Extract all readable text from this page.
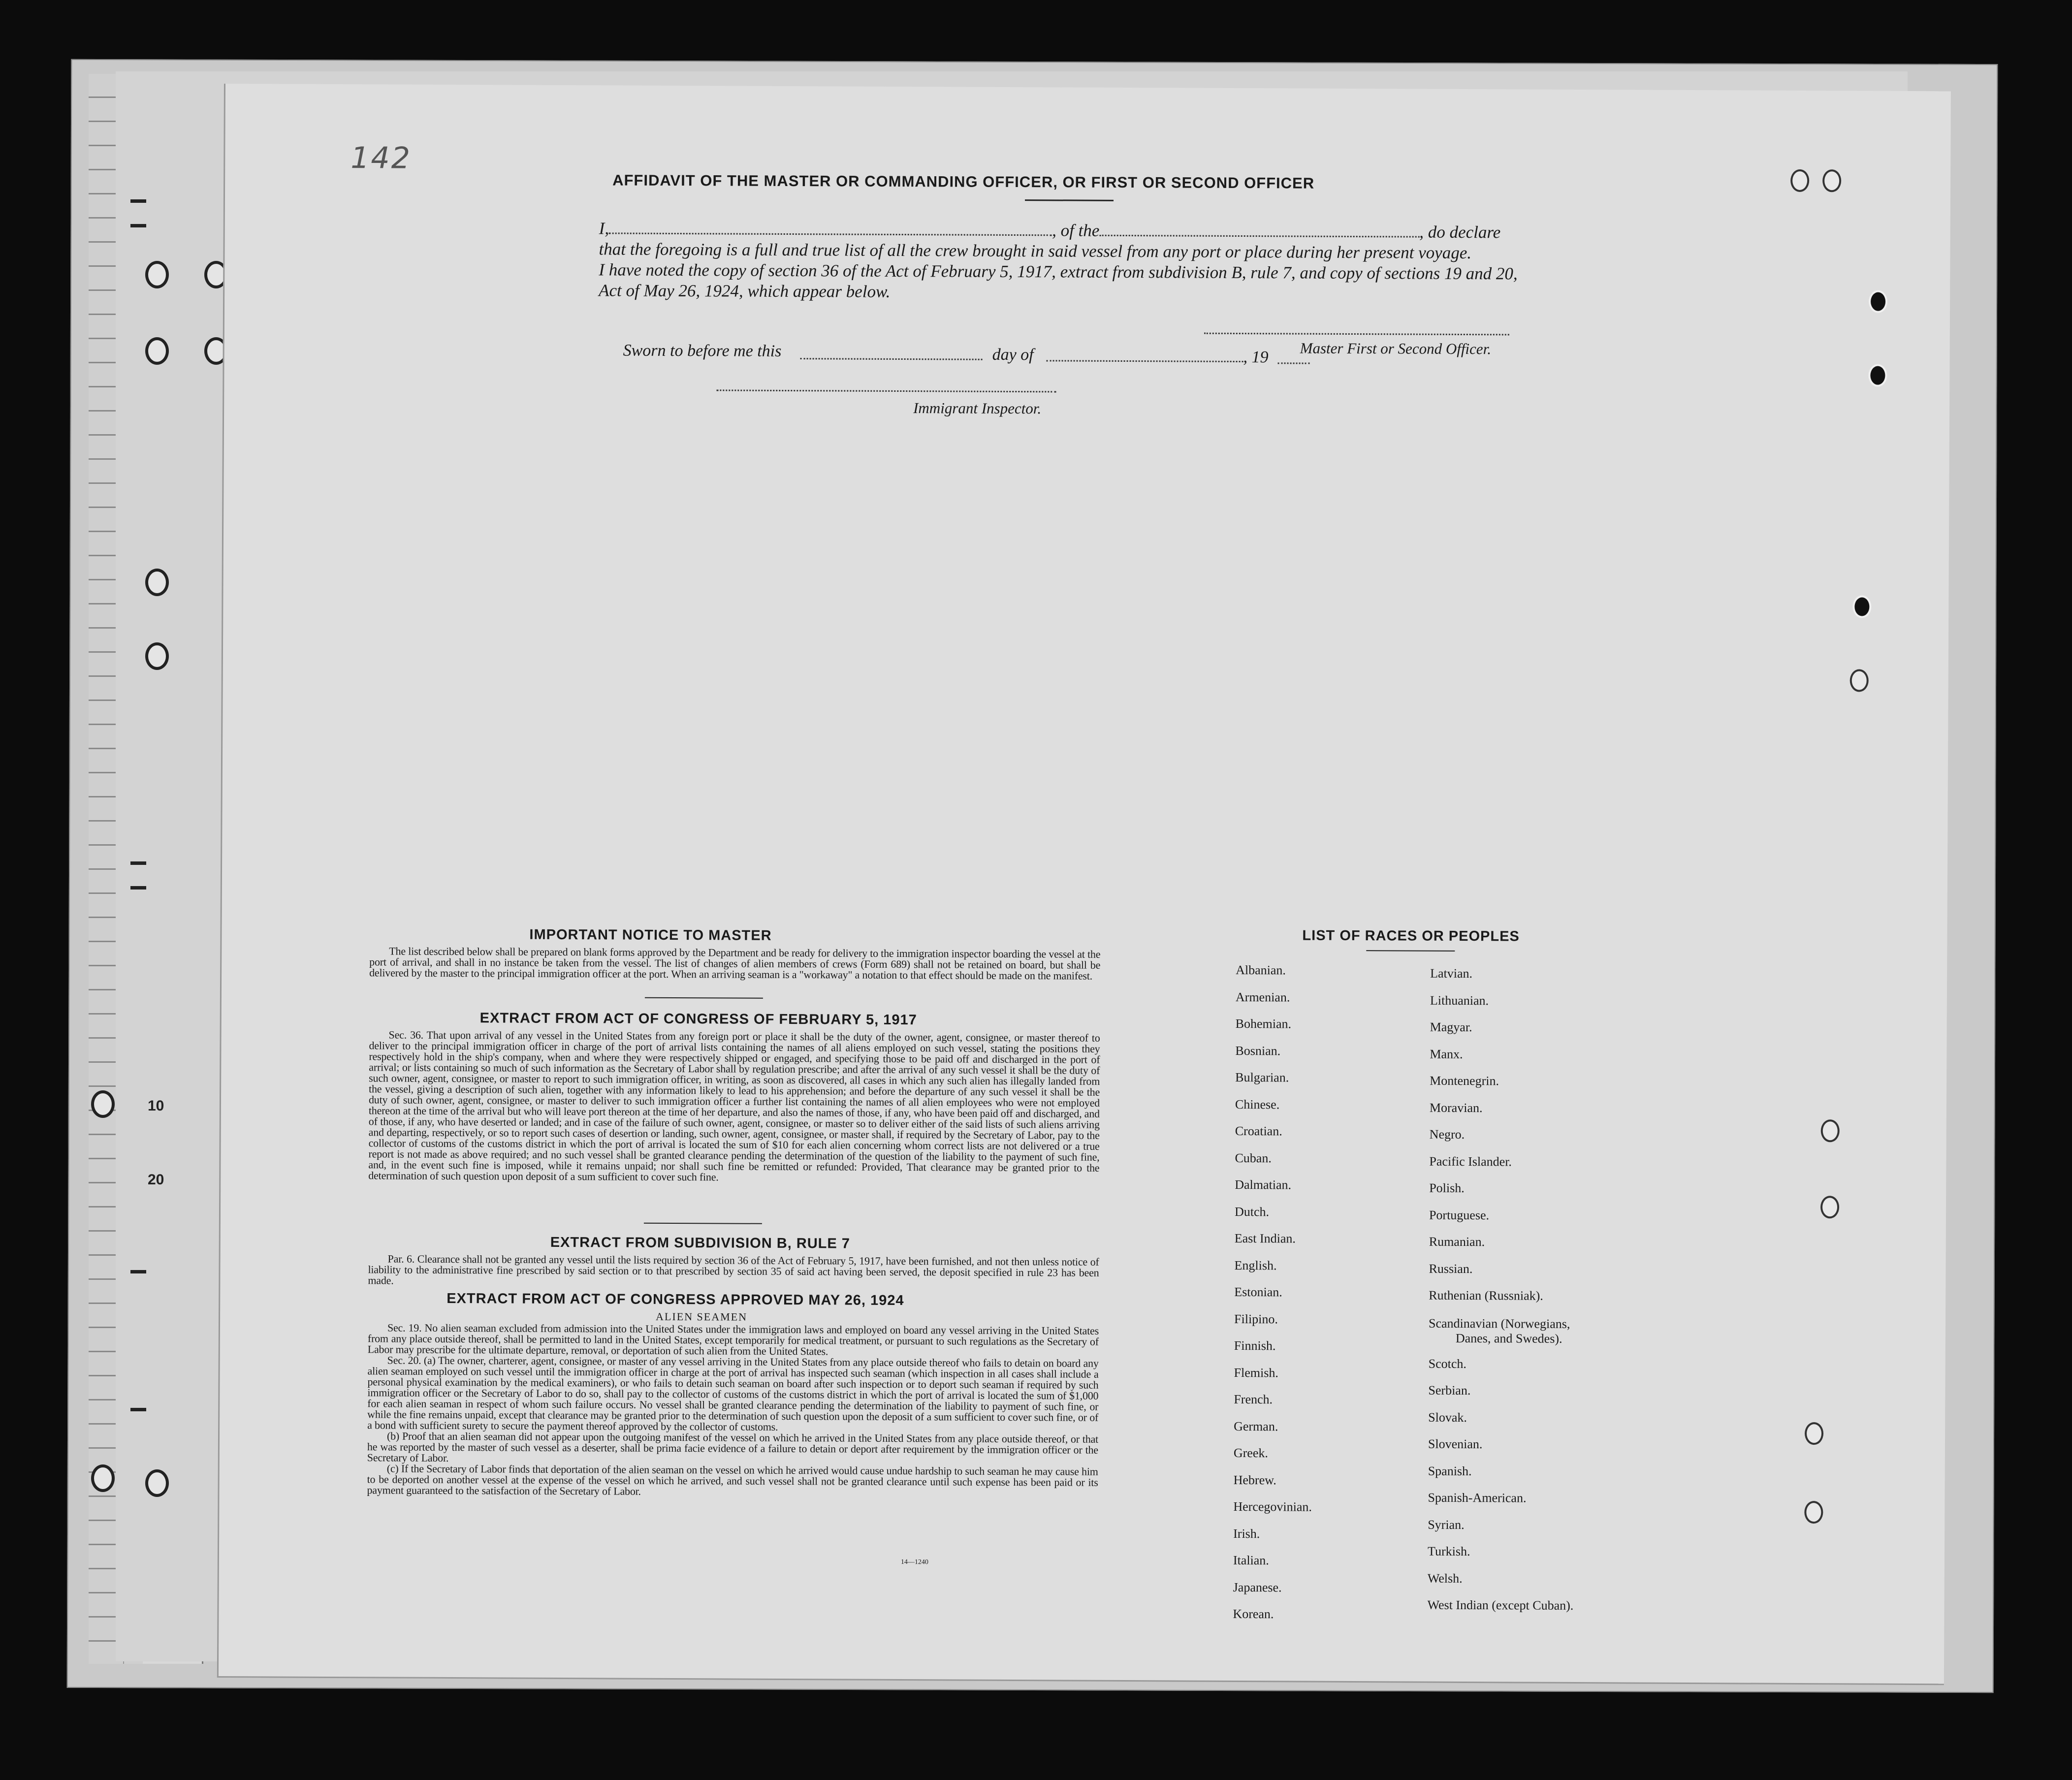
10
20
142
AFFIDAVIT OF THE MASTER OR COMMANDING OFFICER, OR FIRST OR SECOND OFFICER
I,	, of the	, do declare
that the foregoing is a full and true list of all the crew brought in said vessel from any port or place during her present voyage.
I have noted the copy of section 36 of the Act of February 5, 1917, extract from subdivision B, rule 7, and copy of sections 19 and 20,
Act of May 26, 1924, which appear below.
Master First or Second Officer.
Sworn to before me this	day of	, 19
Immigrant Inspector.
IMPORTANT NOTICE TO MASTER

The list described below shall be prepared on blank forms approved by the Department and be ready for delivery to the immigration inspector boarding the vessel at the port of arrival, and shall in no instance be taken from the vessel. The list of changes of alien members of crews (Form 689) shall not be retained on board, but shall be delivered by the master to the principal immigration officer at the port. When an arriving seaman is a "workaway" a notation to that effect should be made on the manifest.

EXTRACT FROM ACT OF CONGRESS OF FEBRUARY 5, 1917

Sec. 36. That upon arrival of any vessel in the United States from any foreign port or place it shall be the duty of the owner, agent, consignee, or master thereof to deliver to the principal immigration officer in charge of the port of arrival lists containing the names of all aliens employed on such vessel, stating the positions they respectively hold in the ship's company, when and where they were respectively shipped or engaged, and specifying those to be paid off and discharged in the port of arrival; or lists containing so much of such information as the Secretary of Labor shall by regulation prescribe; and after the arrival of any such vessel it shall be the duty of such owner, agent, consignee, or master to report to such immigration officer, in writing, as soon as discovered, all cases in which any such alien has illegally landed from the vessel, giving a description of such alien, together with any information likely to lead to his apprehension; and before the departure of any such vessel it shall be the duty of such owner, agent, consignee, or master to deliver to such immigration officer a further list containing the names of all alien employees who were not employed thereon at the time of the arrival but who will leave port thereon at the time of her departure, and also the names of those, if any, who have been paid off and discharged, and of those, if any, who have deserted or landed; and in case of the failure of such owner, agent, consignee, or master so to deliver either of the said lists of such aliens arriving and departing, respectively, or so to report such cases of desertion or landing, such owner, agent, consignee, or master shall, if required by the Secretary of Labor, pay to the collector of customs of the customs district in which the port of arrival is located the sum of $10 for each alien concerning whom correct lists are not delivered or a true report is not made as above required; and no such vessel shall be granted clearance pending the determination of the question of the liability to the payment of such fine, and, in the event such fine is imposed, while it remains unpaid; nor shall such fine be remitted or refunded: Provided, That clearance may be granted prior to the determination of such question upon deposit of a sum sufficient to cover such fine.

EXTRACT FROM SUBDIVISION B, RULE 7

Par. 6. Clearance shall not be granted any vessel until the lists required by section 36 of the Act of February 5, 1917, have been furnished, and not then unless notice of liability to the administrative fine prescribed by said section or to that prescribed by section 35 of said act having been served, the deposit specified in rule 23 has been made.

EXTRACT FROM ACT OF CONGRESS APPROVED MAY 26, 1924
ALIEN SEAMEN

Sec. 19. No alien seaman excluded from admission into the United States under the immigration laws and employed on board any vessel arriving in the United States from any place outside thereof, shall be permitted to land in the United States, except temporarily for medical treatment, or pursuant to such regulations as the Secretary of Labor may prescribe for the ultimate departure, removal, or deportation of such alien from the United States.

Sec. 20. (a) The owner, charterer, agent, consignee, or master of any vessel arriving in the United States from any place outside thereof who fails to detain on board any alien seaman employed on such vessel until the immigration officer in charge at the port of arrival has inspected such seaman (which inspection in all cases shall include a personal physical examination by the medical examiners), or who fails to detain such seaman on board after such inspection or to deport such seaman if required by such immigration officer or the Secretary of Labor to do so, shall pay to the collector of customs of the customs district in which the port of arrival is located the sum of $1,000 for each alien seaman in respect of whom such failure occurs. No vessel shall be granted clearance pending the determination of the liability to payment of such fine, or while the fine remains unpaid, except that clearance may be granted prior to the determination of such question upon the deposit of a sum sufficient to cover such fine, or of a bond with sufficient surety to secure the payment thereof approved by the collector of customs.

(b) Proof that an alien seaman did not appear upon the outgoing manifest of the vessel on which he arrived in the United States from any place outside thereof, or that he was reported by the master of such vessel as a deserter, shall be prima facie evidence of a failure to detain or deport after requirement by the immigration officer or the Secretary of Labor.

(c) If the Secretary of Labor finds that deportation of the alien seaman on the vessel on which he arrived would cause undue hardship to such seaman he may cause him to be deported on another vessel at the expense of the vessel on which he arrived, and such vessel shall not be granted clearance until such expense has been paid or its payment guaranteed to the satisfaction of the Secretary of Labor.

14—1240
LIST OF RACES OR PEOPLES
Albanian.
Armenian.
Bohemian.
Bosnian.
Bulgarian.
Chinese.
Croatian.
Cuban.
Dalmatian.
Dutch.
East Indian.
English.
Estonian.
Filipino.
Finnish.
Flemish.
French.
German.
Greek.
Hebrew.
Hercegovinian.
Irish.
Italian.
Japanese.
Korean.
Latvian.
Lithuanian.
Magyar.
Manx.
Montenegrin.
Moravian.
Negro.
Pacific Islander.
Polish.
Portuguese.
Rumanian.
Russian.
Ruthenian (Russniak).
Scandinavian (Norwegians,
Danes, and Swedes).
Scotch.
Serbian.
Slovak.
Slovenian.
Spanish.
Spanish-American.
Syrian.
Turkish.
Welsh.
West Indian (except Cuban).
